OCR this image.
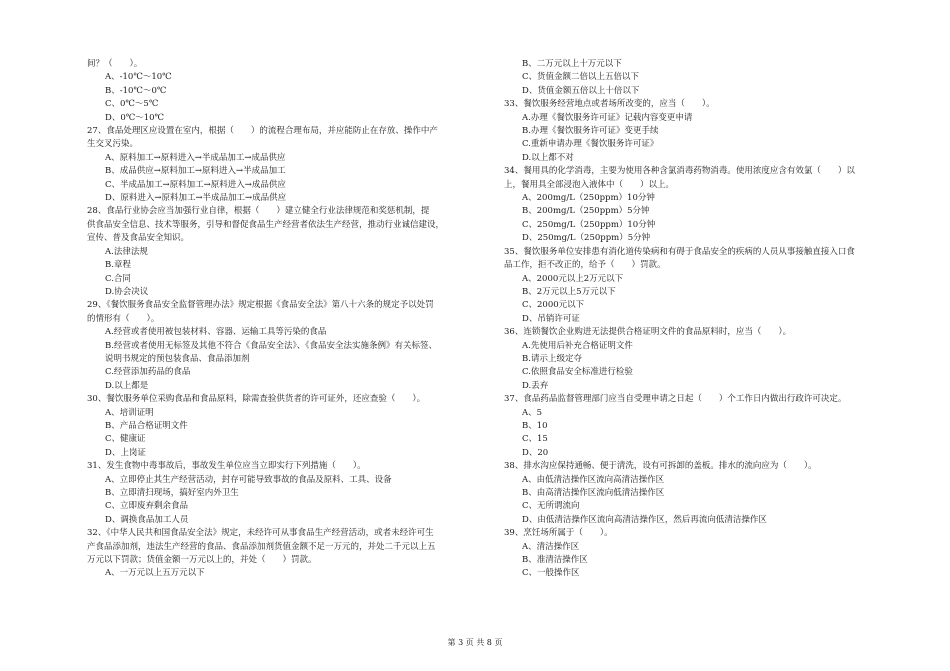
间？（　　）。
A、-10℃～10℃
B、-10℃～0℃
C、0℃～5℃
D、0℃～10℃
27、食品处理区应设置在室内，根据（　　）的流程合理布局，并应能防止在存放、操作中产
生交叉污染。
A、原料加工→原料进入→半成品加工→成品供应
B、成品供应→原料加工→原料进入→半成品加工
C、半成品加工→原料加工→原料进入→成品供应
D、原料进入→原料加工→半成品加工→成品供应
28、食品行业协会应当加强行业自律，根据（　　）建立健全行业法律规范和奖惩机制，提
供食品安全信息、技术等服务，引导和督促食品生产经营者依法生产经营，推动行业诚信建设，
宣传、普及食品安全知识。
A.法律法规
B.章程
C.合同
D.协会决议
29、《餐饮服务食品安全监督管理办法》规定根据《食品安全法》第八十六条的规定予以处罚
的情形有（　　）。
A.经营或者使用被包装材料、容器、运输工具等污染的食品
B.经营或者使用无标签及其他不符合《食品安全法》、《食品安全法实施条例》有关标签、
说明书规定的预包装食品、食品添加剂
C.经营添加药品的食品
D.以上都是
30、餐饮服务单位采购食品和食品原料，除需查验供货者的许可证外，还应查验（　　）。
A、培训证明
B、产品合格证明文件
C、健康证
D、上岗证
31、发生食物中毒事故后，事故发生单位应当立即实行下列措施（　　）。
A、立即停止其生产经营活动，封存可能导致事故的食品及原料、工具、设备
B、立即清扫现场，搞好室内外卫生
C、立即废弃剩余食品
D、调换食品加工人员
32、《中华人民共和国食品安全法》规定，未经许可从事食品生产经营活动，或者未经许可生
产食品添加剂，违法生产经营的食品、食品添加剂货值金额不足一万元的，并处二千元以上五
万元以下罚款；货值金额一万元以上的，并处（　　）罚款。
A、一万元以上五万元以下
B、二万元以上十万元以下
C、货值金额二倍以上五倍以下
D、货值金额五倍以上十倍以下
33、餐饮服务经营地点或者场所改变的，应当（　　）。
A.办理《餐饮服务许可证》记载内容变更申请
B.办理《餐饮服务许可证》变更手续
C.重新申请办理《餐饮服务许可证》
D.以上都不对
34、餐用具的化学消毒，主要为使用各种含氯消毒药物消毒。使用浓度应含有效氯（　　）以
上，餐用具全部浸泡入液体中（　　）以上。
A、200mg/L（250ppm）10分钟
B、200mg/L（250ppm）5分钟
C、250mg/L（250ppm）10分钟
D、250mg/L（250ppm）5分钟
35、餐饮服务单位安排患有消化道传染病和有碍于食品安全的疾病的人员从事接触直接入口食
品工作，拒不改正的，给予（　　）罚款。
A、2000元以上2万元以下
B、2万元以上5万元以下
C、2000元以下
D、吊销许可证
36、连锁餐饮企业购进无法提供合格证明文件的食品原料时，应当（　　）。
A.先使用后补充合格证明文件
B.请示上级定夺
C.依照食品安全标准进行检验
D.丢弃
37、食品药品监督管理部门应当自受理申请之日起（　　）个工作日内做出行政许可决定。
A、5
B、10
C、15
D、20
38、排水沟应保持通畅、便于清洗，设有可拆卸的盖板。排水的流向应为（　　）。
A、由低清洁操作区流向高清洁操作区
B、由高清洁操作区流向低清洁操作区
C、无所谓流向
D、由低清洁操作区流向高清洁操作区，然后再流向低清洁操作区
39、烹饪场所属于（　　）。
A、清洁操作区
B、准清洁操作区
C、一般操作区
第 3 页 共 8 页
